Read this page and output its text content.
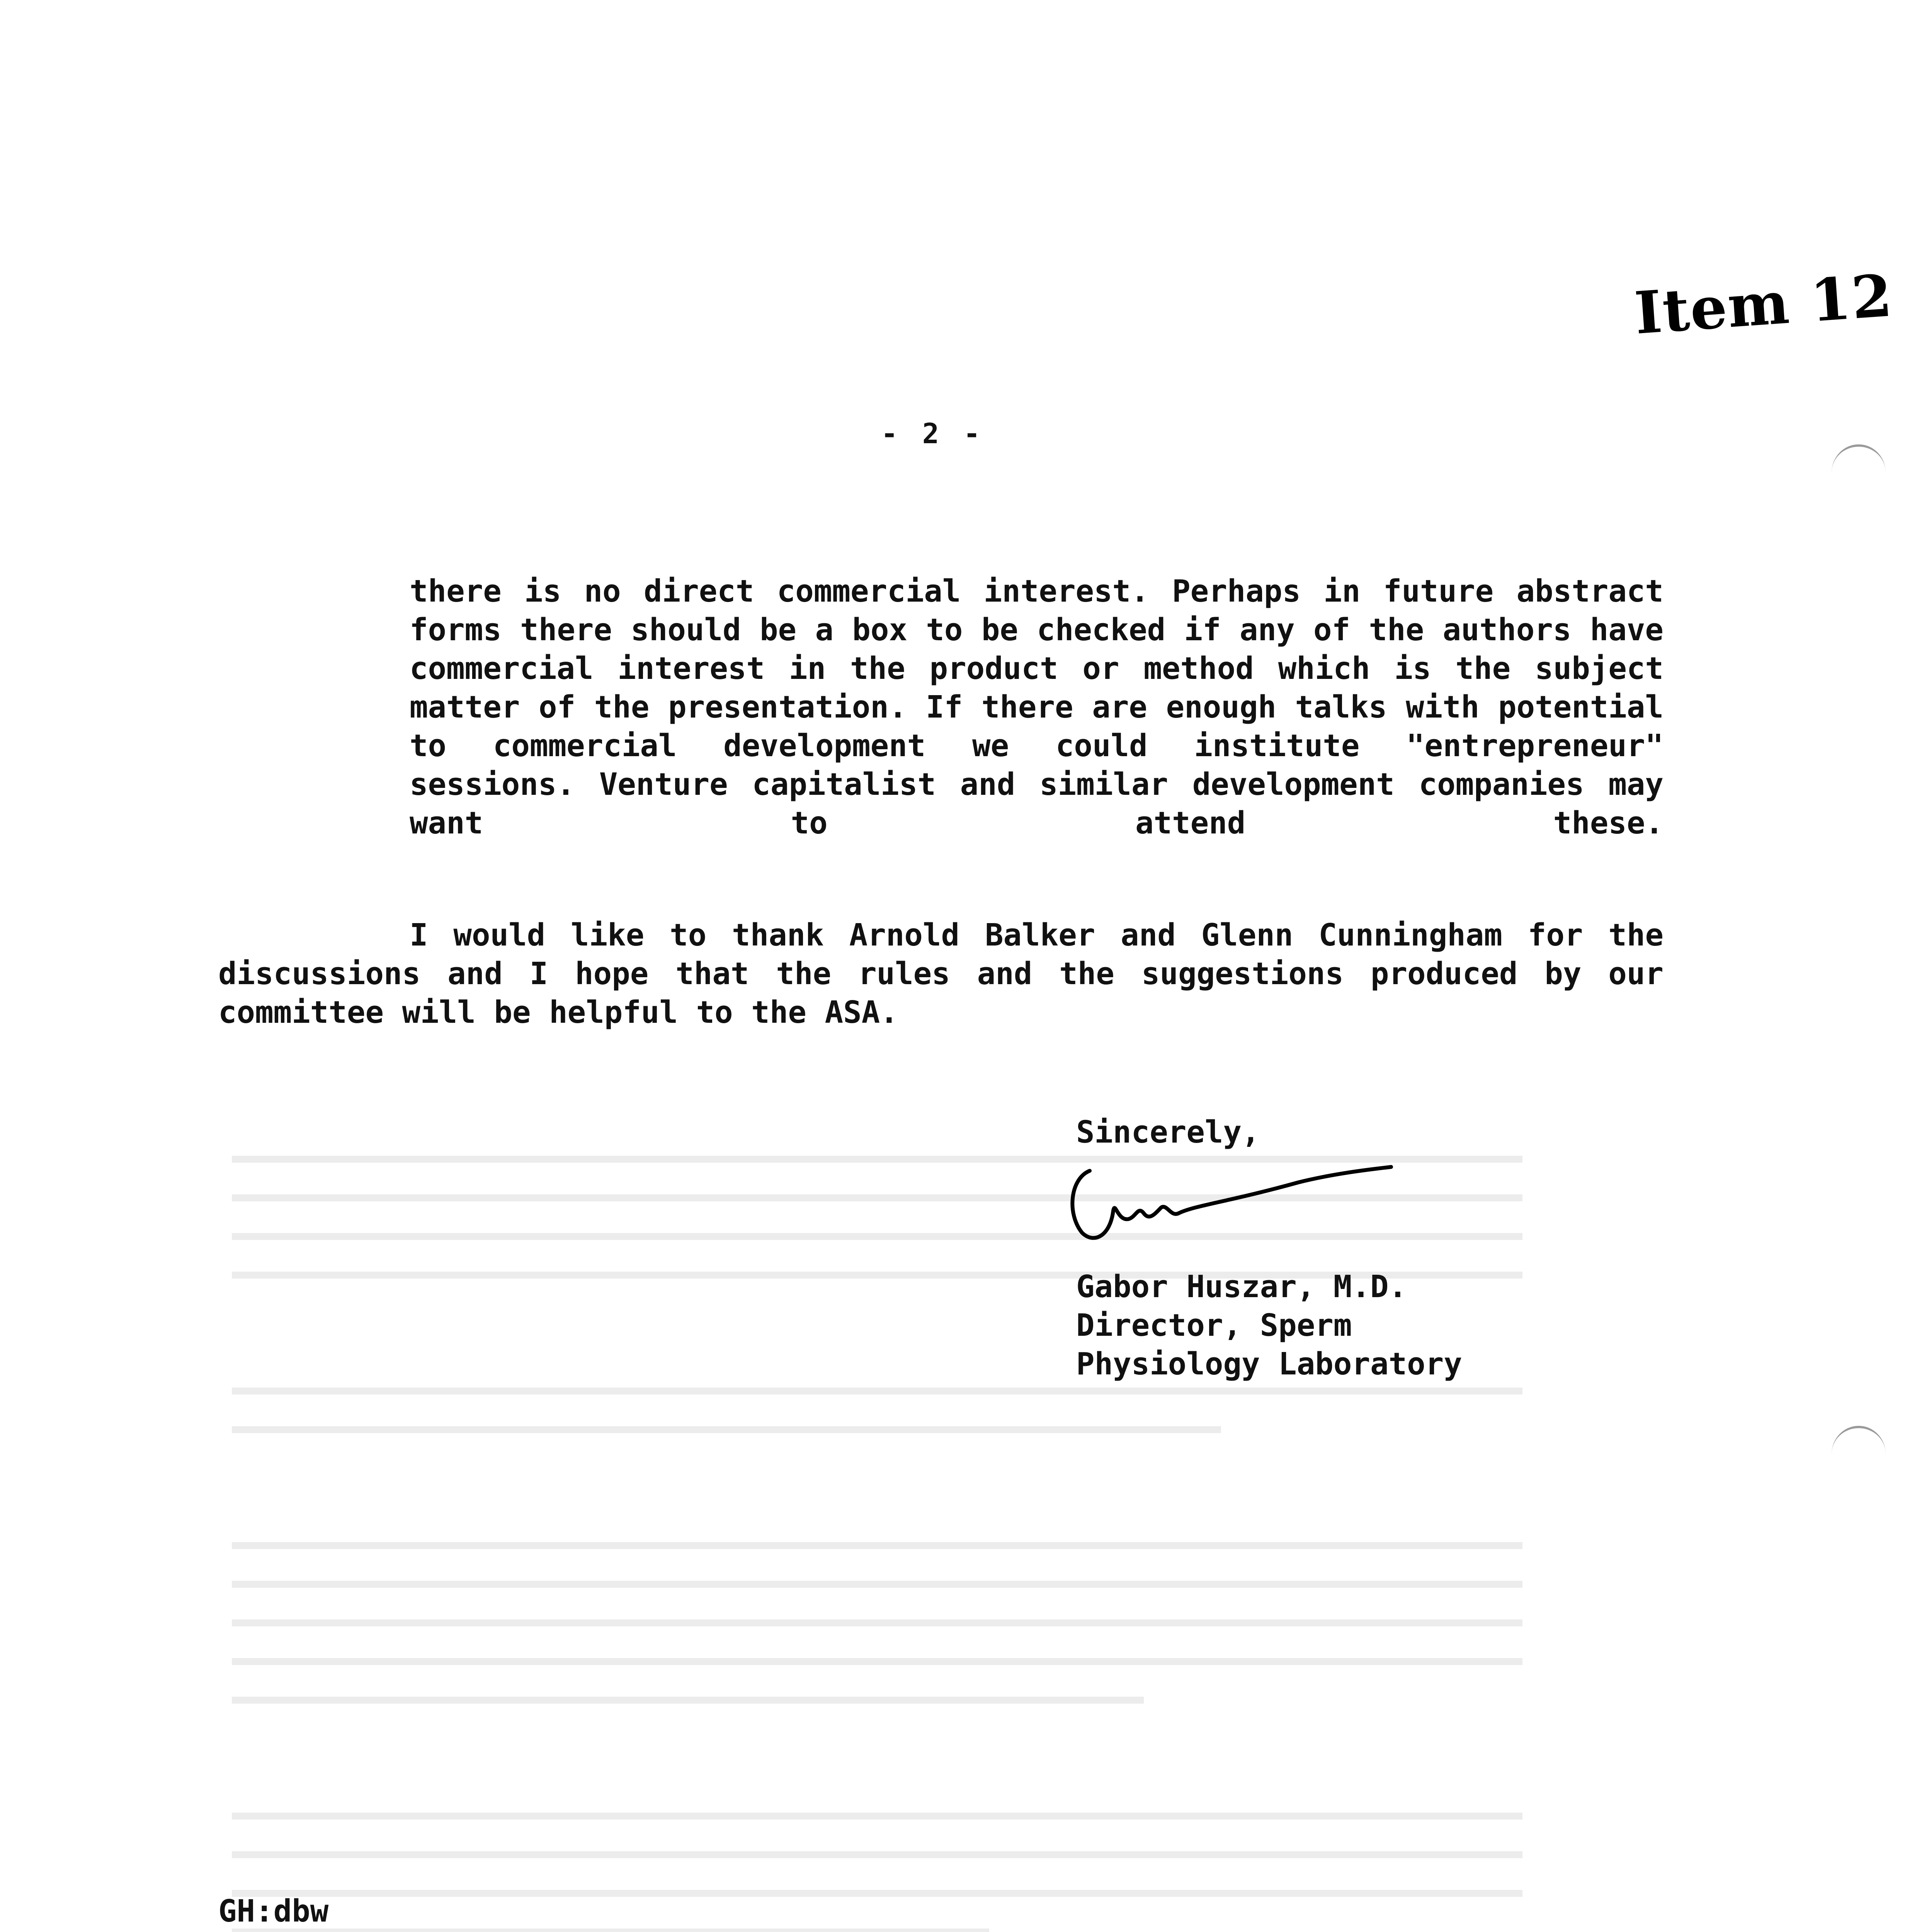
Item 12
- 2 -
there is no direct commercial interest. Perhaps in future abstract forms there should be a box to be checked if any of the authors have commercial interest in the product or method which is the subject matter of the presentation. If there are enough talks with potential to commercial development we could institute "entrepreneur" sessions. Venture capitalist and similar development companies may want to attend these.
I would like to thank Arnold Balker and Glenn Cunningham for the
discussions and I hope that the rules and the suggestions produced by our
committee will be helpful to the ASA.
Sincerely,
Gabor Huszar, M.D.
Director, Sperm
Physiology Laboratory
GH:dbw
